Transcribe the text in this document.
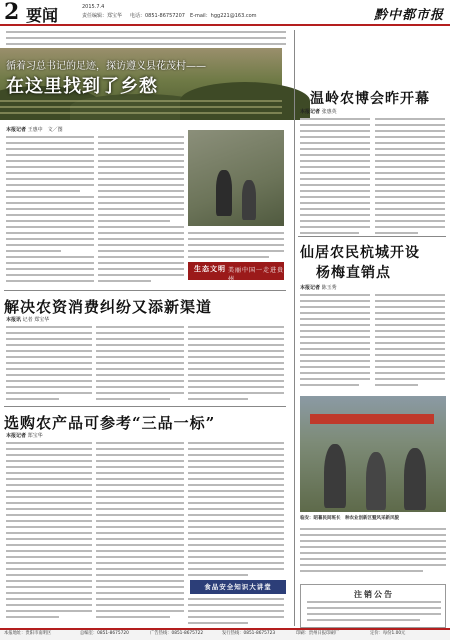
2 要闻	2015.7.4
责任编辑：郑宝华 电话：0851-86757207 E-mail：hgg221@163.com	黔中都市报
循着习总书记的足迹，探访遵义县花茂村——
在这里找到了乡愁
本报记者 王惠中　文／图
生态文明 美丽中国一走进贵州
解决农资消费纠纷又添新渠道
本报讯 记者 郑宝华
选购农产品可参考“三品一标”
本报记者 郑宝华
食品安全知识大讲堂
温岭农博会昨开幕
本报记者 张惠英
仙居农民杭城开设
杨梅直销点
本报记者 陈玉秀
临安：昭暮民间班长　种农业创新区暨风采新风貌
注销公告
本报地址：贵阳市南明区	总编室：0851-8675720	广告热线：0851-8675722	发行热线：0851-8675723	印刷：贵州日报印刷厂	定价：每份1.00元
